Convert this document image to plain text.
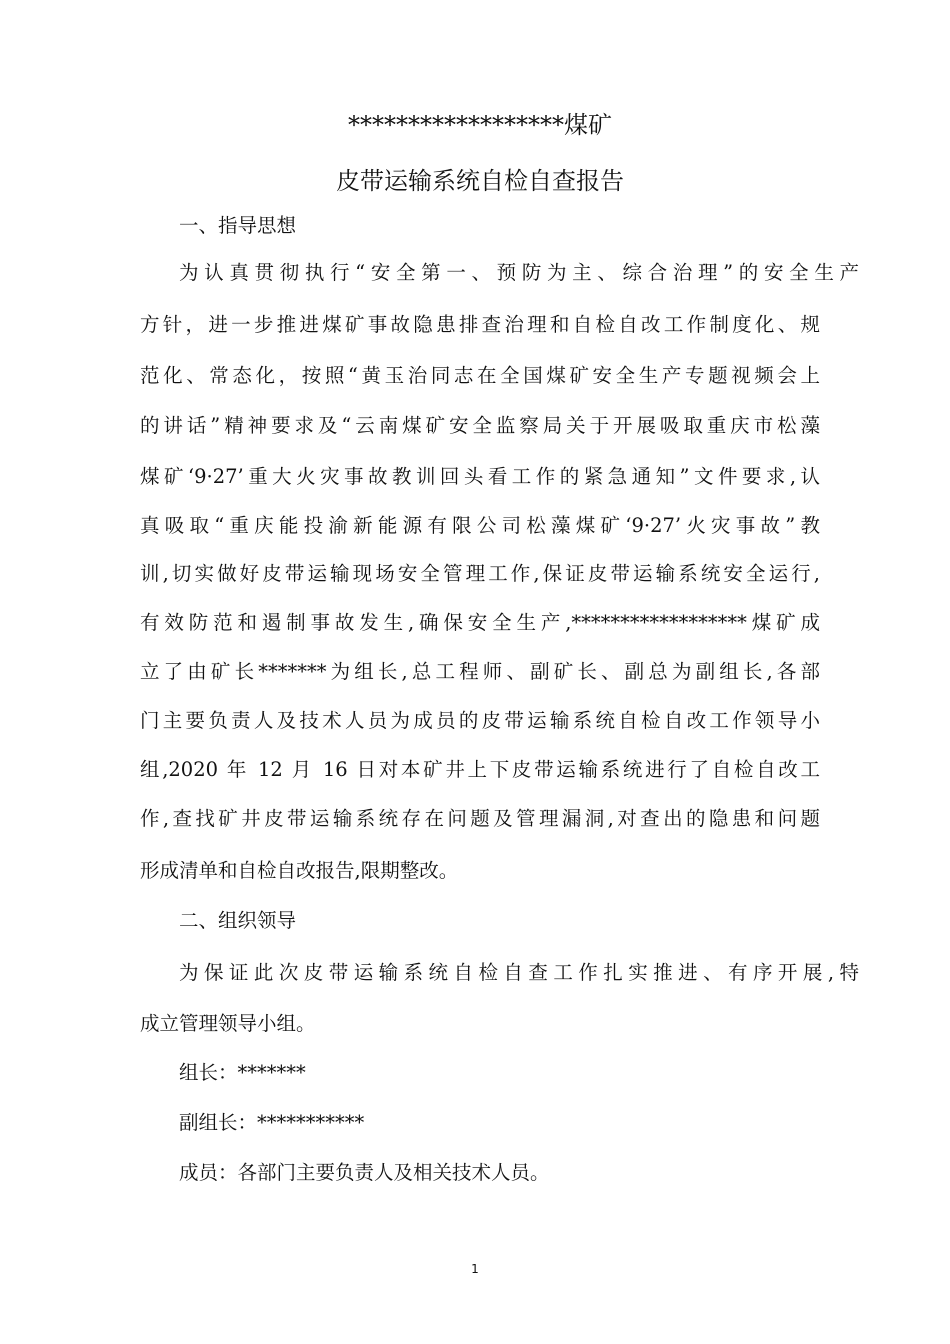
******************煤矿
皮带运输系统自检自查报告
一、指导思想
为认真贯彻执行“安全第一、预防为主、综合治理”的安全生产
方针，进一步推进煤矿事故隐患排查治理和自检自改工作制度化、规
范化、常态化，按照“黄玉治同志在全国煤矿安全生产专题视频会上
的讲话”精神要求及“云南煤矿安全监察局关于开展吸取重庆市松藻
煤矿‘9·27’重大火灾事故教训回头看工作的紧急通知”文件要求,认
真吸取“重庆能投渝新能源有限公司松藻煤矿‘9·27’火灾事故”教
训,切实做好皮带运输现场安全管理工作,保证皮带运输系统安全运行,
有效防范和遏制事故发生,确保安全生产,******************煤矿成
立了由矿长*******为组长,总工程师、副矿长、副总为副组长,各部
门主要负责人及技术人员为成员的皮带运输系统自检自改工作领导小
组,2020 年 12 月 16 日对本矿井上下皮带运输系统进行了自检自改工
作,查找矿井皮带运输系统存在问题及管理漏洞,对查出的隐患和问题
形成清单和自检自改报告,限期整改。
二、组织领导
为保证此次皮带运输系统自检自查工作扎实推进、有序开展,特
成立管理领导小组。
组长：*******
副组长：***********
成员：各部门主要负责人及相关技术人员。
1
